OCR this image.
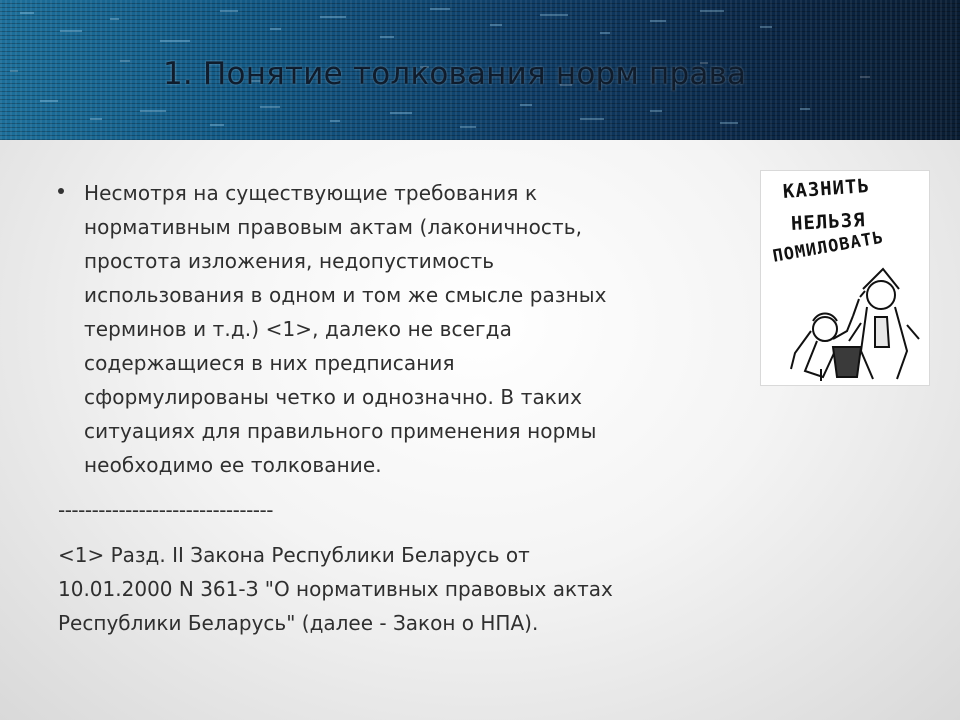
1. Понятие толкования норм права

Несмотря на существующие требования к
нормативным правовым актам (лаконичность,
простота изложения, недопустимость
использования в одном и том же смысле разных
терминов и т.д.) <1>, далеко не всегда
содержащиеся в них предписания
сформулированы четко и однозначно. В таких
ситуациях для правильного применения нормы
необходимо ее толкование.

--------------------------------
<1> Разд. II Закона Республики Беларусь от
10.01.2000 N 361-З "О нормативных правовых актах
Республики Беларусь" (далее - Закон о НПА).
КАЗНИТЬ
НЕЛЬЗЯ
ПОМИЛОВАТЬ
